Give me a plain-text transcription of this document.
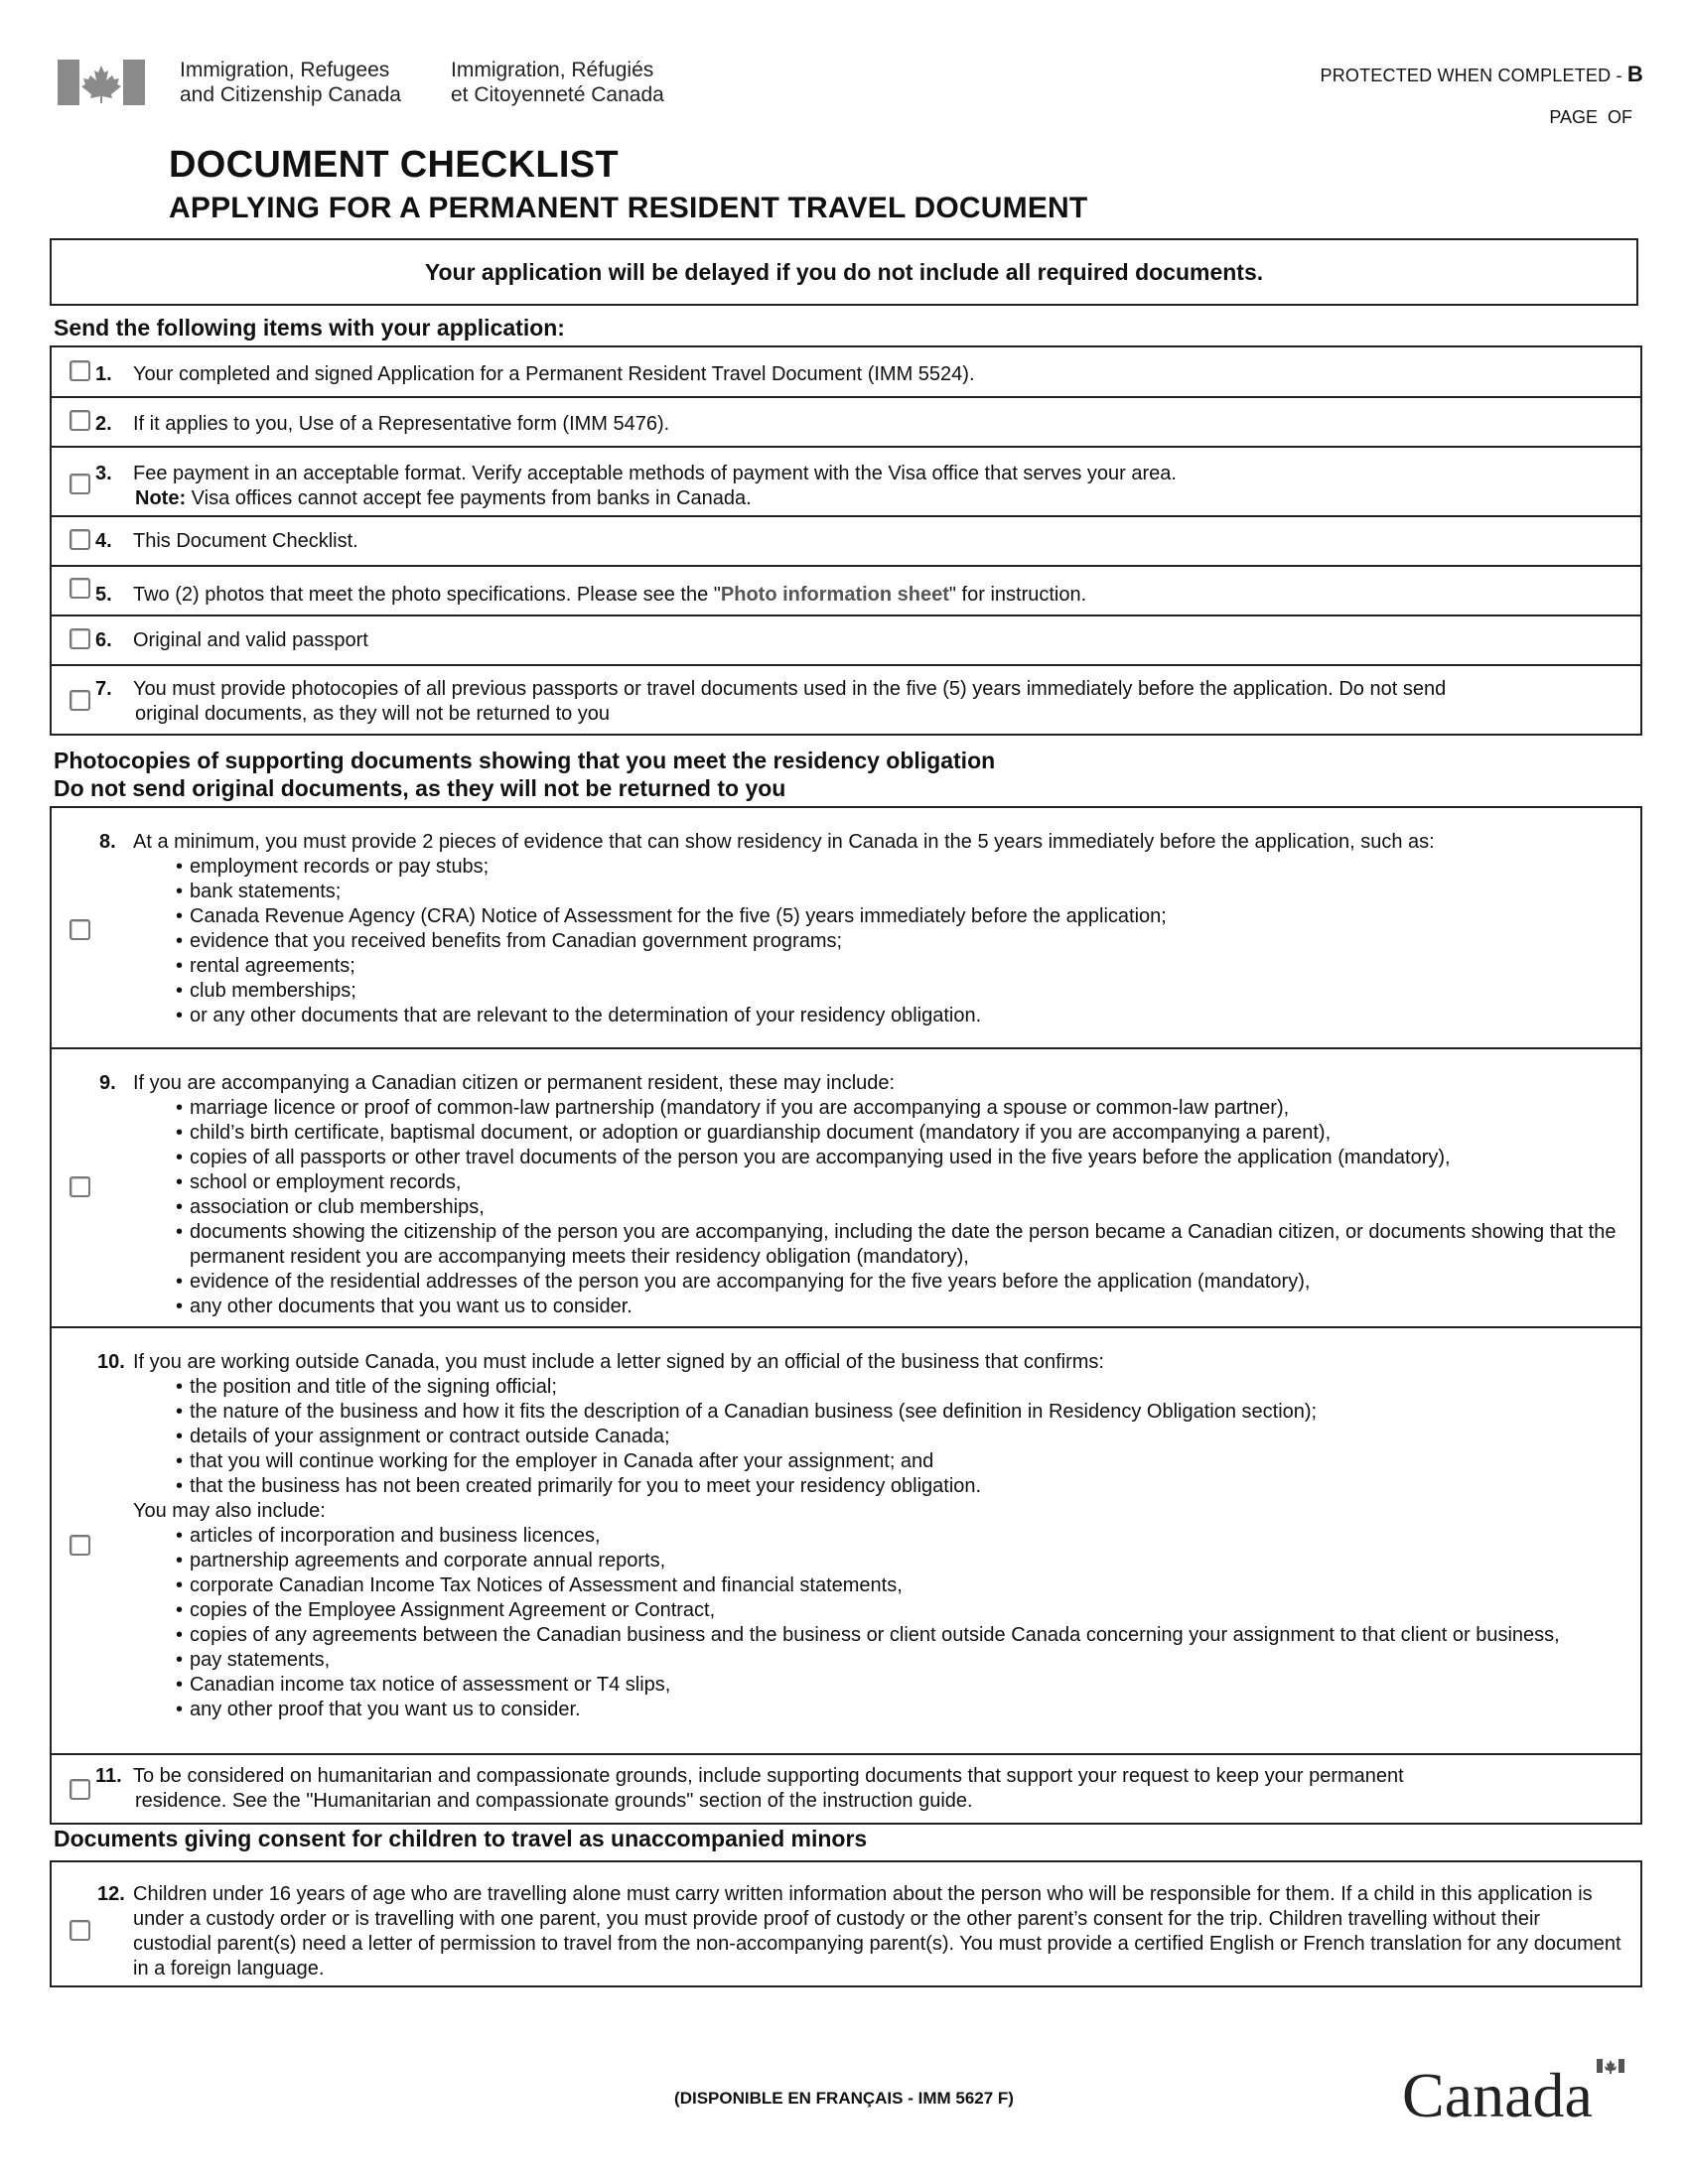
Immigration, Refugees
and Citizenship Canada
Immigration, Réfugiés
et Citoyenneté Canada
PROTECTED WHEN COMPLETED - B
PAGE  OF
DOCUMENT CHECKLIST
APPLYING FOR A PERMANENT RESIDENT TRAVEL DOCUMENT
Your application will be delayed if you do not include all required documents.
Send the following items with your application:
1. Your completed and signed Application for a Permanent Resident Travel Document (IMM 5524).
2. If it applies to you, Use of a Representative form (IMM 5476).
3. Fee payment in an acceptable format. Verify acceptable methods of payment with the Visa office that serves your area.
Note: Visa offices cannot accept fee payments from banks in Canada.
4. This Document Checklist.
5. Two (2) photos that meet the photo specifications. Please see the "Photo information sheet" for instruction.
6. Original and valid passport
7. You must provide photocopies of all previous passports or travel documents used in the five (5) years immediately before the application. Do not send
original documents, as they will not be returned to you
Photocopies of supporting documents showing that you meet the residency obligation
Do not send original documents, as they will not be returned to you
8. At a minimum, you must provide 2 pieces of evidence that can show residency in Canada in the 5 years immediately before the application, such as:
• employment records or pay stubs;
• bank statements;
• Canada Revenue Agency (CRA) Notice of Assessment for the five (5) years immediately before the application;
• evidence that you received benefits from Canadian government programs;
• rental agreements;
• club memberships;
• or any other documents that are relevant to the determination of your residency obligation.
9. If you are accompanying a Canadian citizen or permanent resident, these may include:
• marriage licence or proof of common-law partnership (mandatory if you are accompanying a spouse or common-law partner),
• child’s birth certificate, baptismal document, or adoption or guardianship document (mandatory if you are accompanying a parent),
• copies of all passports or other travel documents of the person you are accompanying used in the five years before the application (mandatory),
• school or employment records,
• association or club memberships,
• documents showing the citizenship of the person you are accompanying, including the date the person became a Canadian citizen, or documents showing that the permanent resident you are accompanying meets their residency obligation (mandatory),
• evidence of the residential addresses of the person you are accompanying for the five years before the application (mandatory),
• any other documents that you want us to consider.
10. If you are working outside Canada, you must include a letter signed by an official of the business that confirms:
• the position and title of the signing official;
• the nature of the business and how it fits the description of a Canadian business (see definition in Residency Obligation section);
• details of your assignment or contract outside Canada;
• that you will continue working for the employer in Canada after your assignment; and
• that the business has not been created primarily for you to meet your residency obligation.
You may also include:
• articles of incorporation and business licences,
• partnership agreements and corporate annual reports,
• corporate Canadian Income Tax Notices of Assessment and financial statements,
• copies of the Employee Assignment Agreement or Contract,
• copies of any agreements between the Canadian business and the business or client outside Canada concerning your assignment to that client or business,
• pay statements,
• Canadian income tax notice of assessment or T4 slips,
• any other proof that you want us to consider.
11. To be considered on humanitarian and compassionate grounds, include supporting documents that support your request to keep your permanent
residence. See the "Humanitarian and compassionate grounds" section of the instruction guide.
Documents giving consent for children to travel as unaccompanied minors
12. Children under 16 years of age who are travelling alone must carry written information about the person who will be responsible for them. If a child in this application is under a custody order or is travelling with one parent, you must provide proof of custody or the other parent’s consent for the trip. Children travelling without their custodial parent(s) need a letter of permission to travel from the non-accompanying parent(s). You must provide a certified English or French translation for any document in a foreign language.
(DISPONIBLE EN FRANÇAIS - IMM 5627 F)	Canada
